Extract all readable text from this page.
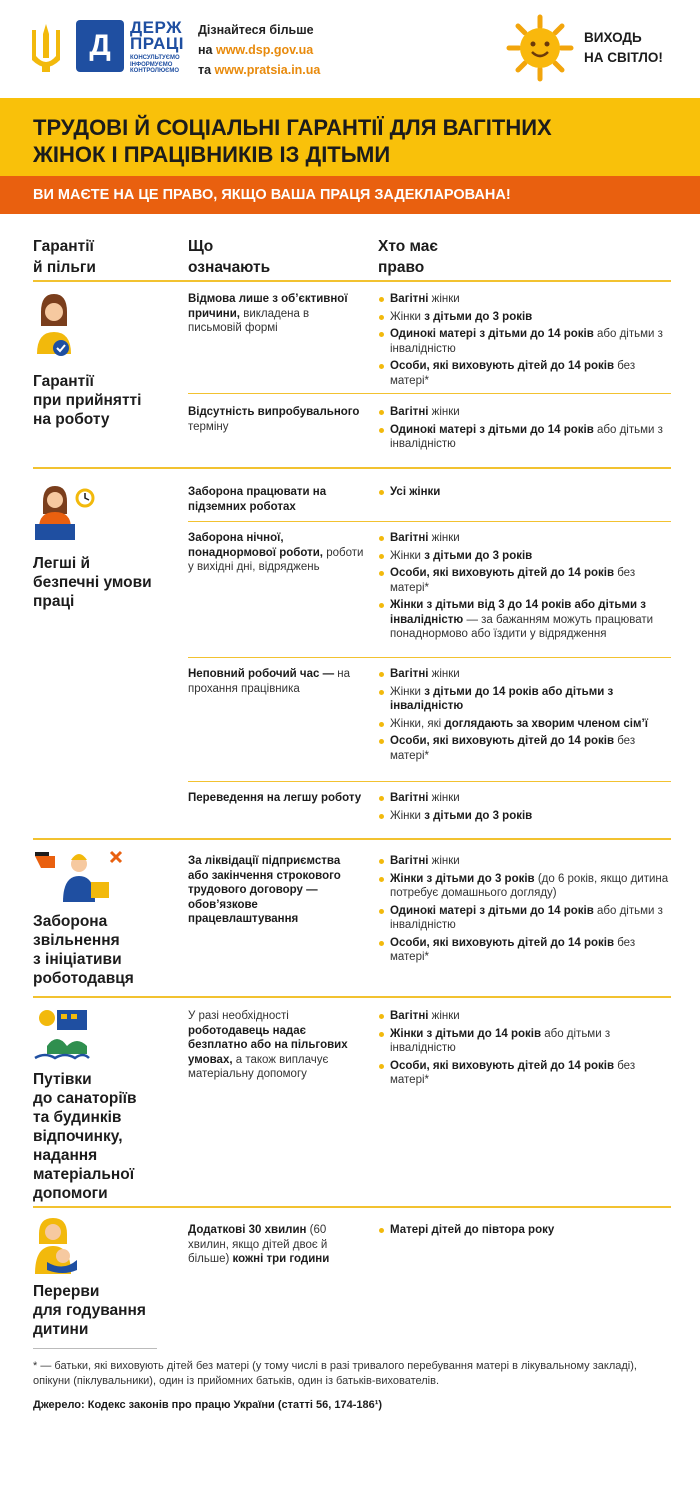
Д
ДЕРЖ
ПРАЦІ
КОНСУЛЬТУЄМО ІНФОРМУЄМО КОНТРОЛЮЄМО
Дізнайтеся більше
на www.dsp.gov.ua
та www.pratsia.in.ua
ВИХОДЬ
НА СВІТЛО!
ТРУДОВІ Й СОЦІАЛЬНІ ГАРАНТІЇ ДЛЯ ВАГІТНИХ
ЖІНОК І ПРАЦІВНИКІВ ІЗ ДІТЬМИ
ВИ МАЄТЕ НА ЦЕ ПРАВО, ЯКЩО ВАША ПРАЦЯ ЗАДЕКЛАРОВАНА!
Гарантії
й пільги
Що
означають
Хто має
право
Гарантії
при прийнятті
на роботу
Відмова лише з об’єктивної причини, викладена в письмовій формі
Вагітні жінки
Жінки з дітьми до 3 років
Одинокі матері з дітьми до 14 років або дітьми з інвалідністю
Особи, які виховують дітей до 14 років без матері*
Відсутність випробувального терміну
Вагітні жінки
Одинокі матері з дітьми до 14 років або дітьми з інвалідністю
Легші й
безпечні умови
праці
Заборона працювати на підземних роботах
Усі жінки
Заборона нічної, понаднормової роботи, роботи у вихідні дні, відряджень
Вагітні жінки
Жінки з дітьми до 3 років
Особи, які виховують дітей до 14 років без матері*
Жінки з дітьми від 3 до 14 років або дітьми з інвалідністю — за бажанням можуть працювати понаднормово або їздити у відрядження
Неповний робочий час — на прохання працівника
Вагітні жінки
Жінки з дітьми до 14 років або дітьми з інвалідністю
Жінки, які доглядають за хворим членом сім’ї
Особи, які виховують дітей до 14 років без матері*
Переведення на легшу роботу	Вагітні жінки
Жінки з дітьми до 3 років
Заборона
звільнення
з ініціативи
роботодавця
За ліквідації підприємства або закінчення строкового трудового договору — обов’язкове працевлаштування
Вагітні жінки
Жінки з дітьми до 3 років (до 6 років, якщо дитина потребує домашнього догляду)
Одинокі матері з дітьми до 14 років або дітьми з інвалідністю
Особи, які виховують дітей до 14 років без матері*
Путівки
до санаторіїв
та будинків
відпочинку,
надання
матеріальної
допомоги
У разі необхідності роботодавець надає безплатно або на пільгових умовах, а також виплачує матеріальну допомогу
Вагітні жінки
Жінки з дітьми до 14 років або дітьми з інвалідністю
Особи, які виховують дітей до 14 років без матері*
Перерви
для годування
дитини
Додаткові 30 хвилин (60 хвилин, якщо дітей двоє й більше) кожні три години
Матері дітей до півтора року
* — батьки, які виховують дітей без матері (у тому числі в разі тривалого перебування матері в лікувальному закладі), опікуни (піклувальники), один із прийомних батьків, один із батьків-вихователів.
Джерело: Кодекс законів про працю України (статті 56, 174-186¹)
